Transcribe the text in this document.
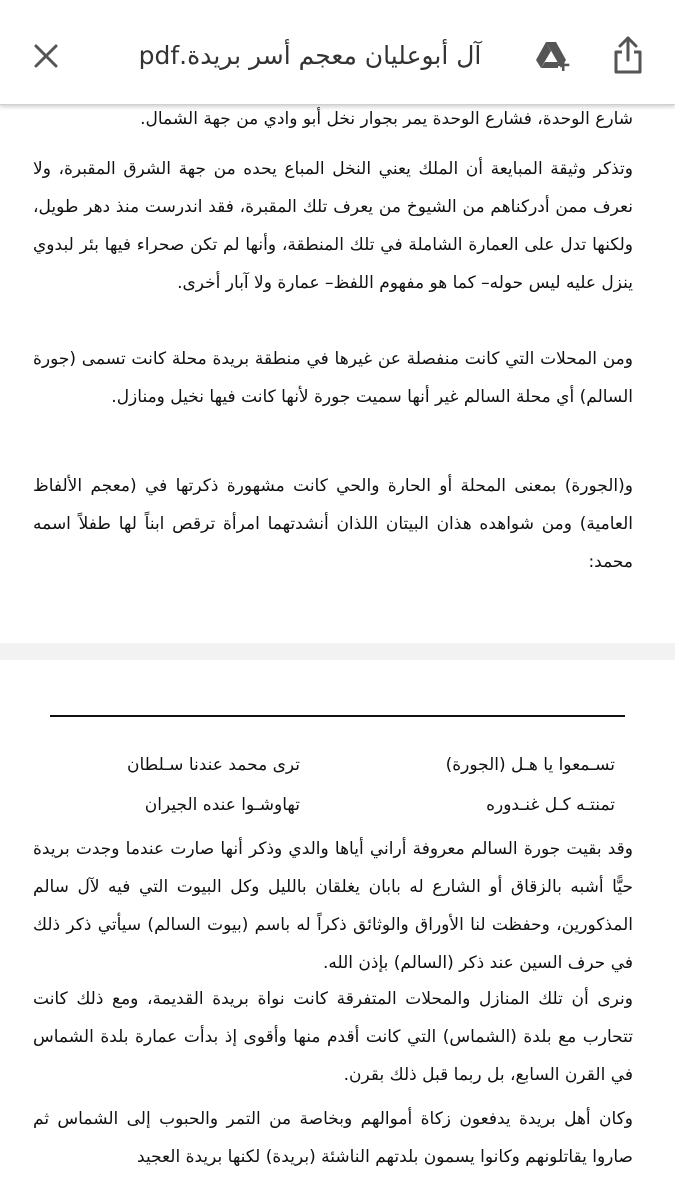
آل أبوعليان معجم أسر بريدة.pdf

شارع الوحدة، فشارع الوحدة يمر بجوار نخل أبو وادي من جهة الشمال.

وتذكر وثيقة المبايعة أن الملك يعني النخل المباع يحده من جهة الشرق المقبرة، ولا نعرف ممن أدركناهم من الشيوخ من يعرف تلك المقبرة، فقد اندرست منذ دهر طويل، ولكنها تدل على العمارة الشاملة في تلك المنطقة، وأنها لم تكن صحراء فيها بئر لبدوي ينزل عليه ليس حوله– كما هو مفهوم اللفظ– عمارة ولا آبار أخرى.

ومن المحلات التي كانت منفصلة عن غيرها في منطقة بريدة محلة كانت تسمى (جورة السالم) أي محلة السالم غير أنها سميت جورة لأنها كانت فيها نخيل ومنازل.

و(الجورة) بمعنى المحلة أو الحارة والحي كانت مشهورة ذكرتها في (معجم الألفاظ العامية) ومن شواهده هذان البيتان اللذان أنشدتهما امرأة ترقص ابناً لها طفلاً اسمه محمد:

تسـمعوا يا هـل (الجورة)
ترى محمد عندنا سـلطان
تمنتـه كـل غنـدوره
تهاوشـوا عنده الجيران

وقد بقيت جورة السالم معروفة أراني أياها والدي وذكر أنها صارت عندما وجدت بريدة حيًّا أشبه بالزقاق أو الشارع له بابان يغلقان بالليل وكل البيوت التي فيه لآل سالم المذكورين، وحفظت لنا الأوراق والوثائق ذكراً له باسم (بيوت السالم) سيأتي ذكر ذلك في حرف السين عند ذكر (السالم) بإذن الله.

ونرى أن تلك المنازل والمحلات المتفرقة كانت نواة بريدة القديمة، ومع ذلك كانت تتحارب مع بلدة (الشماس) التي كانت أقدم منها وأقوى إذ بدأت عمارة بلدة الشماس في القرن السابع، بل ربما قبل ذلك بقرن.

وكان أهل بريدة يدفعون زكاة أموالهم وبخاصة من التمر والحبوب إلى الشماس ثم صاروا يقاتلونهم وكانوا يسمون بلدتهم الناشئة (بريدة) لكنها بريدة العجيد
